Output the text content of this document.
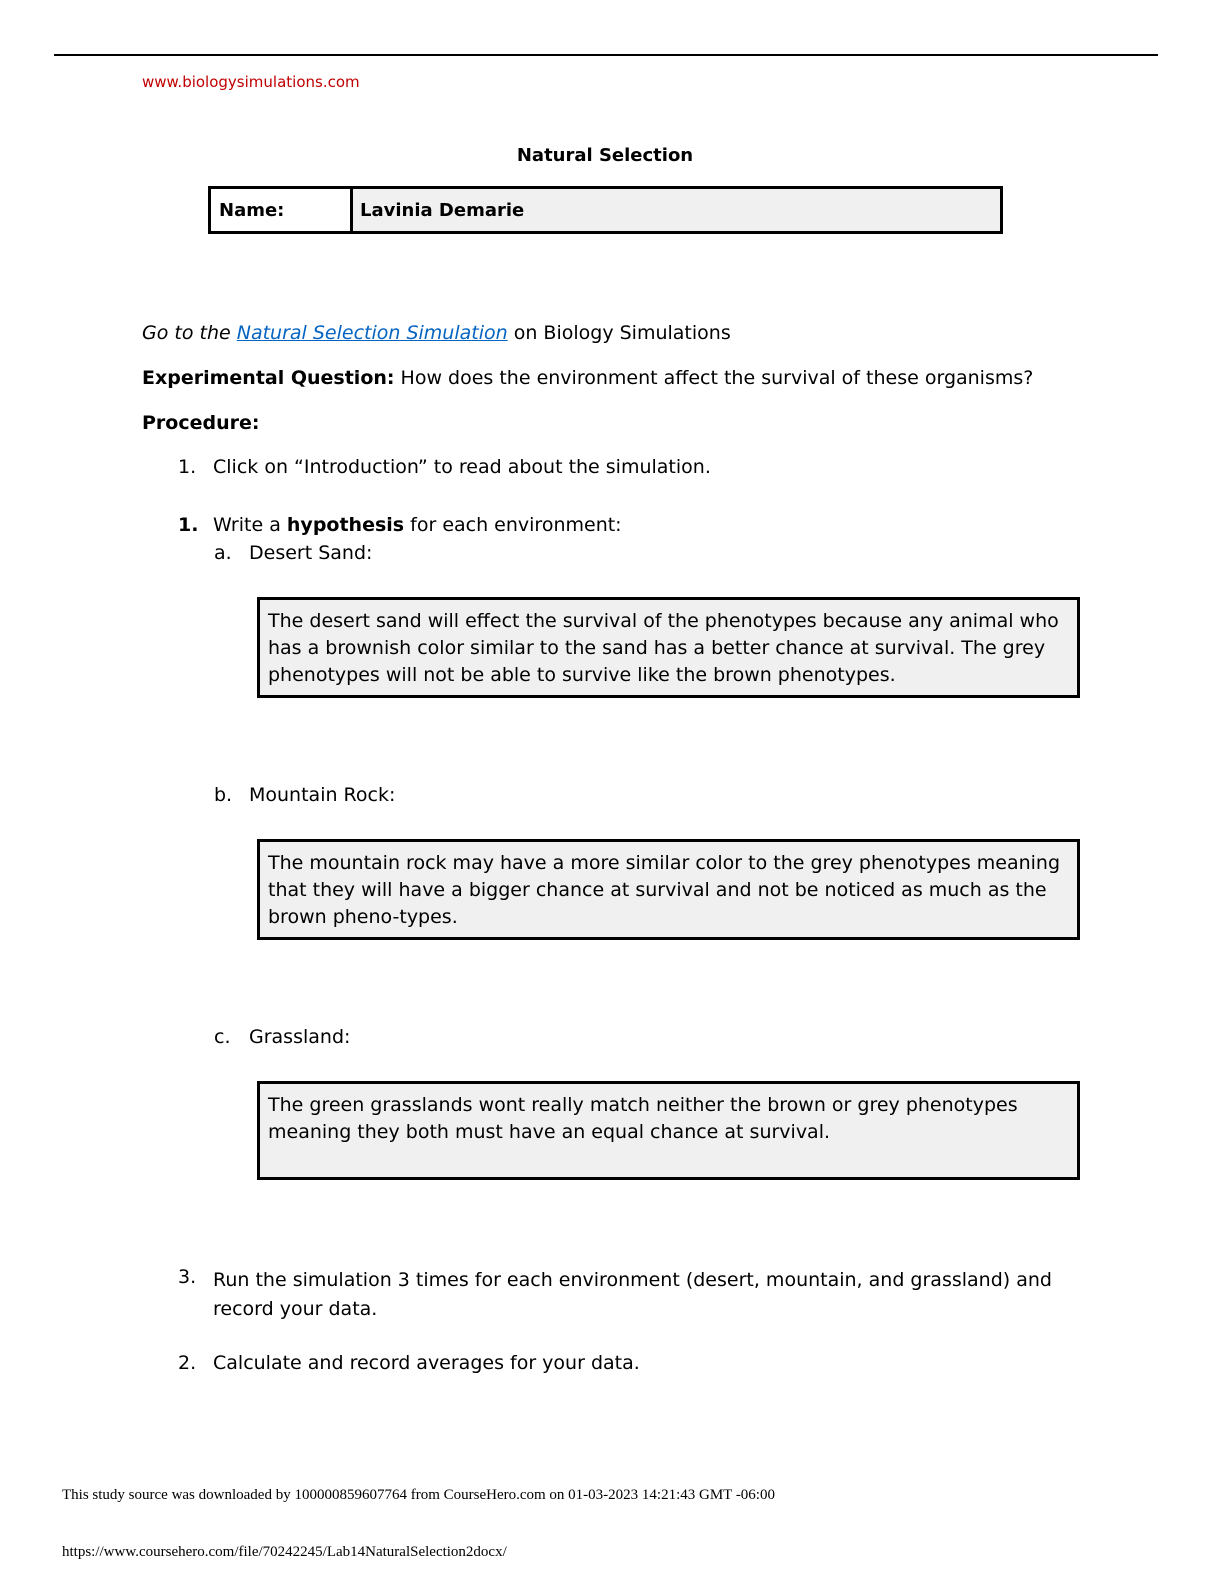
www.biologysimulations.com
Natural Selection
Name:	Lavinia Demarie
Go to the Natural Selection Simulation on Biology Simulations
Experimental Question: How does the environment affect the survival of these organisms?
Procedure:
1. Click on “Introduction” to read about the simulation.
1. Write a hypothesis for each environment:
a. Desert Sand:
The desert sand will effect the survival of the phenotypes because any animal who has a brownish color similar to the sand has a better chance at survival. The grey phenotypes will not be able to survive like the brown phenotypes.
b. Mountain Rock:
The mountain rock may have a more similar color to the grey phenotypes meaning that they will have a bigger chance at survival and not be noticed as much as the brown pheno-types.
c. Grassland:
The green grasslands wont really match neither the brown or grey phenotypes meaning they both must have an equal chance at survival.
3. Run the simulation 3 times for each environment (desert, mountain, and grassland) and record your data.
2. Calculate and record averages for your data.
This study source was downloaded by 100000859607764 from CourseHero.com on 01-03-2023 14:21:43 GMT -06:00
https://www.coursehero.com/file/70242245/Lab14NaturalSelection2docx/
